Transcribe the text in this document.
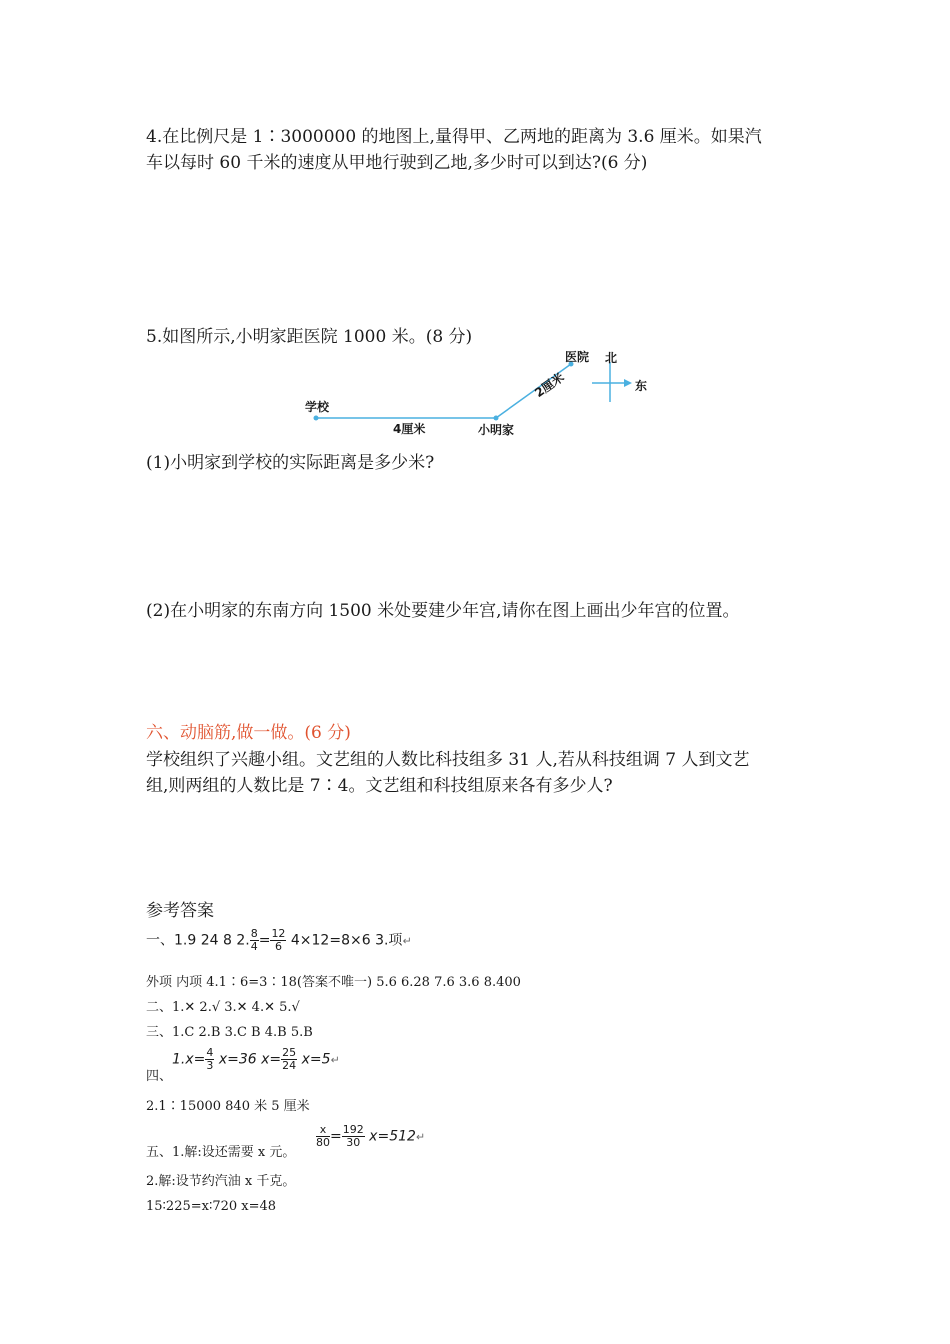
4.在比例尺是 1∶3000000 的地图上,量得甲、乙两地的距离为 3.6 厘米。如果汽
车以每时 60 千米的速度从甲地行驶到乙地,多少时可以到达?(6 分)
5.如图所示,小明家距医院 1000 米。(8 分)
学校
4厘米	小明家
2厘米
医院 北
东
(1)小明家到学校的实际距离是多少米?
(2)在小明家的东南方向 1500 米处要建少年宫,请你在图上画出少年宫的位置。
六、动脑筋,做一做。(6 分)
学校组织了兴趣小组。文艺组的人数比科技组多 31 人,若从科技组调 7 人到文艺
组,则两组的人数比是 7∶4。文艺组和科技组原来各有多少人?
参考答案
一、1.9 24 8 2. $\frac{8}{4} = \frac{12}{6} 4\times 12=8\times 6$ 3.项↵
外项 内项 4.1∶6=3∶18(答案不唯一) 5.6 6.28 7.6 3.6 8.400
二、1.✕ 2.√ 3.✕ 4.✕ 5.√
三、1.C 2.B 3.C B 4.B 5.B
$1.x= \frac{4}{3} x=36$ $x= \frac{25}{24}$ x=5↵
四、
2.1∶15000 840 米 5 厘米
$\frac{x}{80} = \frac{192}{30}$ x=512↵
五、1.解:设还需要 x 元。
2.解:设节约汽油 x 千克。
15∶225=x∶720 x=48
